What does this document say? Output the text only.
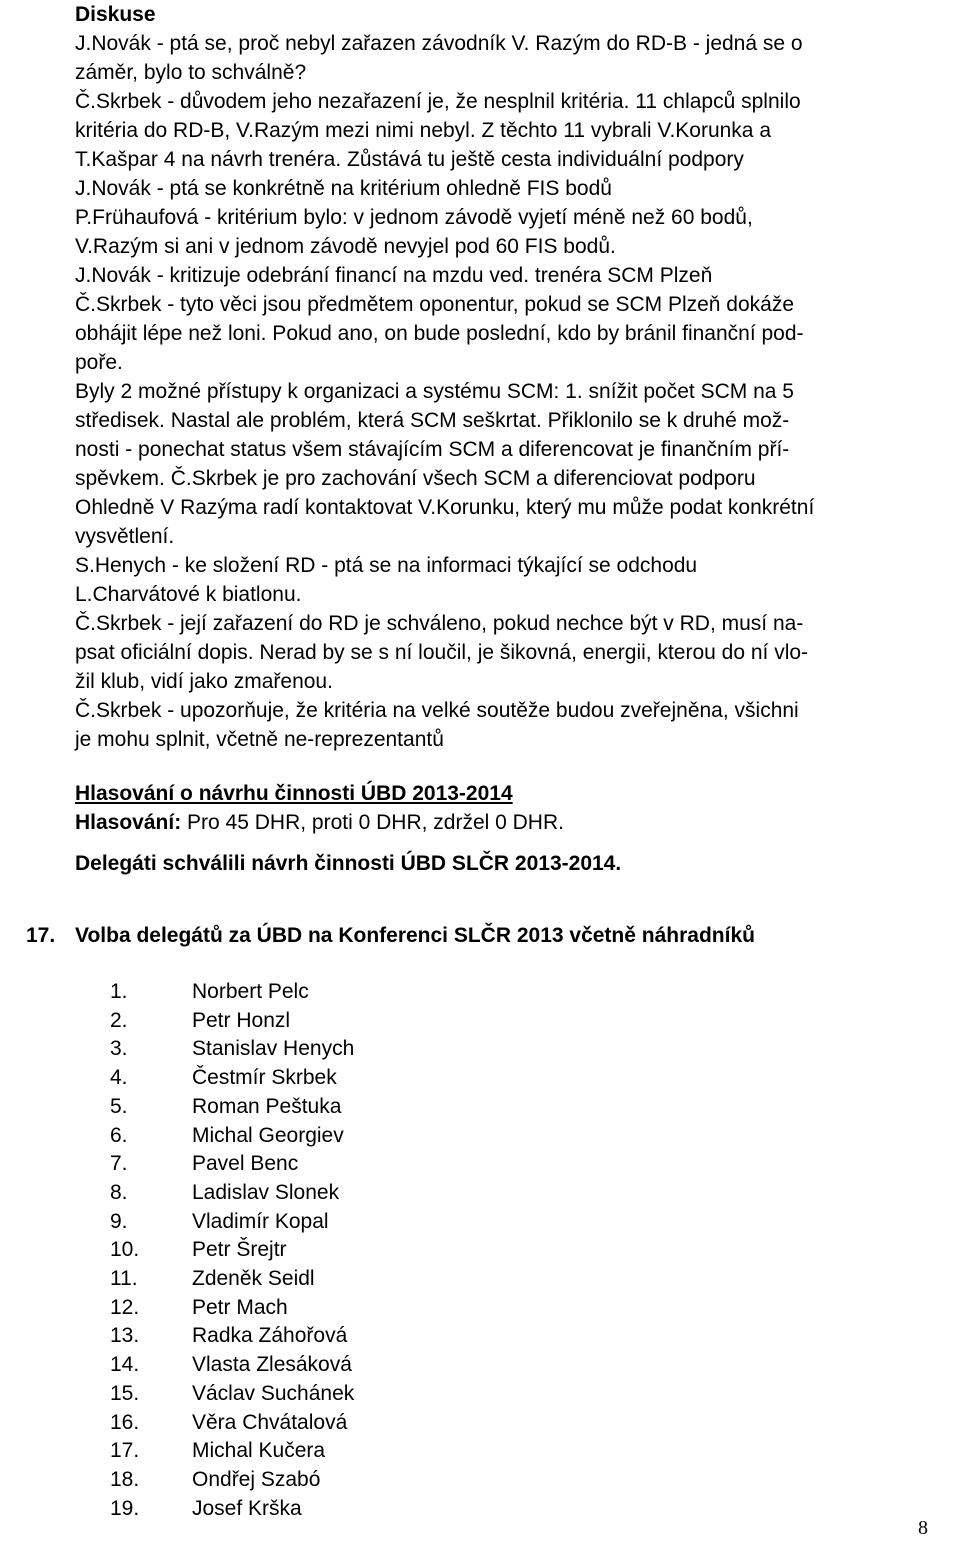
Diskuse
J.Novák - ptá se, proč nebyl zařazen závodník V. Razým do RD-B - jedná se o
záměr, bylo to schválně?
Č.Skrbek - důvodem jeho nezařazení je, že nesplnil kritéria. 11 chlapců splnilo
kritéria do RD-B, V.Razým mezi nimi nebyl. Z těchto 11 vybrali V.Korunka a
T.Kašpar 4 na návrh trenéra. Zůstává tu ještě cesta individuální podpory
J.Novák - ptá se konkrétně na kritérium ohledně FIS bodů
P.Frühaufová - kritérium bylo: v jednom závodě vyjetí méně než 60 bodů,
V.Razým si ani v jednom závodě nevyjel pod 60 FIS bodů.
J.Novák - kritizuje odebrání financí na mzdu ved. trenéra SCM Plzeň
Č.Skrbek - tyto věci jsou předmětem oponentur, pokud se SCM Plzeň dokáže
obhájit lépe než loni. Pokud ano, on bude poslední, kdo by bránil finanční pod-
poře.
Byly 2 možné přístupy k organizaci a systému SCM: 1. snížit počet SCM na 5
středisek. Nastal ale problém, která SCM seškrtat. Přiklonilo se k druhé mož-
nosti - ponechat status všem stávajícím SCM a diferencovat je finančním pří-
spěvkem. Č.Skrbek je pro zachování všech SCM a diferenciovat podporu
Ohledně V Razýma radí kontaktovat V.Korunku, který mu může podat konkrétní
vysvětlení.
S.Henych - ke složení RD - ptá se na informaci týkající se odchodu
L.Charvátové k biatlonu.
Č.Skrbek - její zařazení do RD je schváleno, pokud nechce být v RD, musí na-
psat oficiální dopis. Nerad by se s ní loučil, je šikovná, energii, kterou do ní vlo-
žil klub, vidí jako zmařenou.
Č.Skrbek - upozorňuje, že kritéria na velké soutěže budou zveřejněna, všichni
je mohu splnit, včetně ne-reprezentantů
Hlasování o návrhu činnosti ÚBD 2013-2014
Hlasování: Pro 45 DHR, proti 0 DHR, zdržel 0 DHR.
Delegáti schválili návrh činnosti ÚBD SLČR 2013-2014.
17. Volba delegátů za ÚBD na Konferenci SLČR 2013 včetně náhradníků
1.	Norbert Pelc
2.	Petr Honzl
3.	Stanislav Henych
4.	Čestmír Skrbek
5.	Roman Peštuka
6.	Michal Georgiev
7.	Pavel Benc
8.	Ladislav Slonek
9.	Vladimír Kopal
10.	Petr Šrejtr
11.	Zdeněk Seidl
12.	Petr Mach
13.	Radka Záhořová
14.	Vlasta Zlesáková
15.	Václav Suchánek
16.	Věra Chvátalová
17.	Michal Kučera
18.	Ondřej Szabó
19.	Josef Krška
8
